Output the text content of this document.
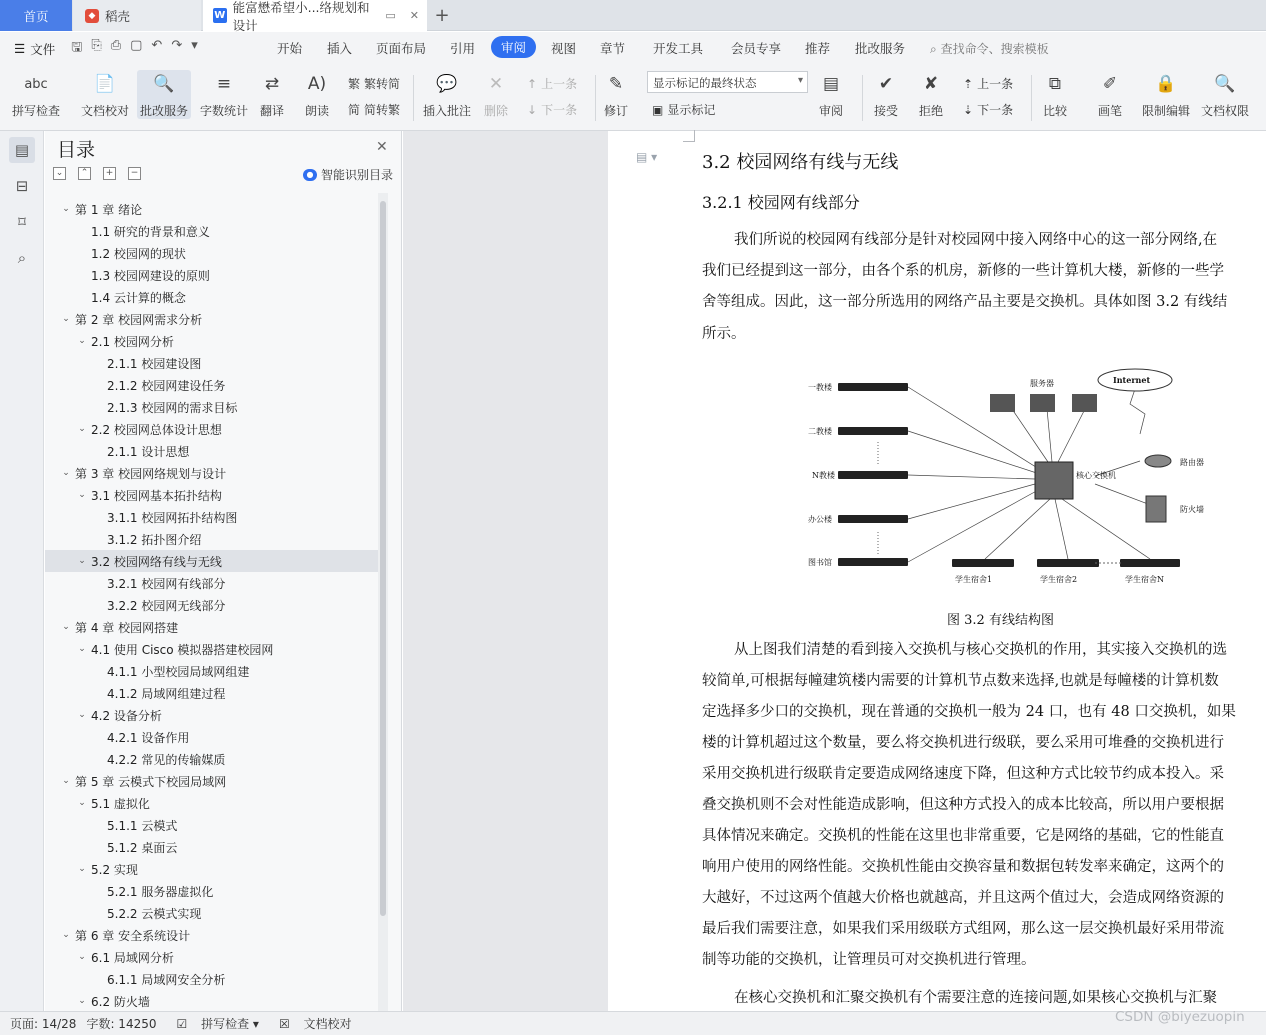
首页	◆ 稻壳	W
能富懋希望小...络规划和设计
▭ ✕ +
☰ 文件 🖫 ⎘ ⎙ ▢ ↶ ↷ ▾	开始 插入 页面布局 引用	审阅	视图 章节 开发工具 会员专享 推荐 批改服务 ⌕ 查找命令、搜索模板
abc
拼写检查
📄
文档校对
🔍
批改服务
≡
字数统计
⇄
翻译
A)
朗读
繁 繁转简
简 简转繁
💬
插入批注
✕
删除
↑ 上一条
↓ 下一条
✎
修订
显示标记的最终状态 ▾
▣ 显示标记
▤
审阅
✔
接受
✘
拒绝
⇡ 上一条
⇣ 下一条
⧉
比较
✐
画笔
🔒
限制编辑
🔍
文档权限
▤
⊟
⌑
⌕
目录	✕
⌄	⌃	+	−	● 智能识别目录
⌄ 第 1 章 绪论
1.1 研究的背景和意义
1.2 校园网的现状
1.3 校园网建设的原则
1.4 云计算的概念
⌄ 第 2 章 校园网需求分析
⌄ 2.1 校园网分析
2.1.1 校园建设图
2.1.2 校园网建设任务
2.1.3 校园网的需求目标
⌄ 2.2 校园网总体设计思想
2.1.1 设计思想
⌄ 第 3 章 校园网络规划与设计
⌄ 3.1 校园网基本拓扑结构
3.1.1 校园网拓扑结构图
3.1.2 拓扑图介绍
⌄ 3.2 校园网络有线与无线
3.2.1 校园网有线部分
3.2.2 校园网无线部分
⌄ 第 4 章 校园网搭建
⌄ 4.1 使用 Cisco 模拟器搭建校园网
4.1.1 小型校园局域网组建
4.1.2 局域网组建过程
⌄ 4.2 设备分析
4.2.1 设备作用
4.2.2 常见的传输媒质
⌄ 第 5 章 云模式下校园局域网
⌄ 5.1 虚拟化
5.1.1 云模式
5.1.2 桌面云
⌄ 5.2 实现
5.2.1 服务器虚拟化
5.2.2 云模式实现
⌄ 第 6 章 安全系统设计
⌄ 6.1 局域网分析
6.1.1 局域网安全分析
⌄ 6.2 防火墙
▤ ▾ 3.2 校园网络有线与无线
3.2.1 校园网有线部分
我们所说的校园网有线部分是针对校园网中接入网络中心的这一部分网络,在
我们已经提到这一部分，由各个系的机房，新修的一些计算机大楼，新修的一些学
舍等组成。因此，这一部分所选用的网络产品主要是交换机。具体如图 3.2 有线结
所示。
一教楼
二教楼
N教楼
办公楼
图书馆
服务器	Internet
核心交换机
路由器
防火墙
学生宿舍1	学生宿舍2	学生宿舍N
图 3.2 有线结构图
从上图我们清楚的看到接入交换机与核心交换机的作用，其实接入交换机的选
较简单,可根据每幢建筑楼内需要的计算机节点数来选择,也就是每幢楼的计算机数
定选择多少口的交换机，现在普通的交换机一般为 24 口，也有 48 口交换机，如果
楼的计算机超过这个数量，要么将交换机进行级联，要么采用可堆叠的交换机进行
采用交换机进行级联肯定要造成网络速度下降，但这种方式比较节约成本投入。采
叠交换机则不会对性能造成影响，但这种方式投入的成本比较高，所以用户要根据
具体情况来确定。交换机的性能在这里也非常重要，它是网络的基础，它的性能直
响用户使用的网络性能。交换机性能由交换容量和数据包转发率来确定，这两个的
大越好，不过这两个值越大价格也就越高，并且这两个值过大，会造成网络资源的
最后我们需要注意，如果我们采用级联方式组网，那么这一层交换机最好采用带流
制等功能的交换机，让管理员可对交换机进行管理。
在核心交换机和汇聚交换机有个需要注意的连接问题,如果核心交换机与汇聚
页面: 14/28 字数: 14250	☑ 拼写检查 ▾	☒ 文档校对	CSDN @biyezuopin
